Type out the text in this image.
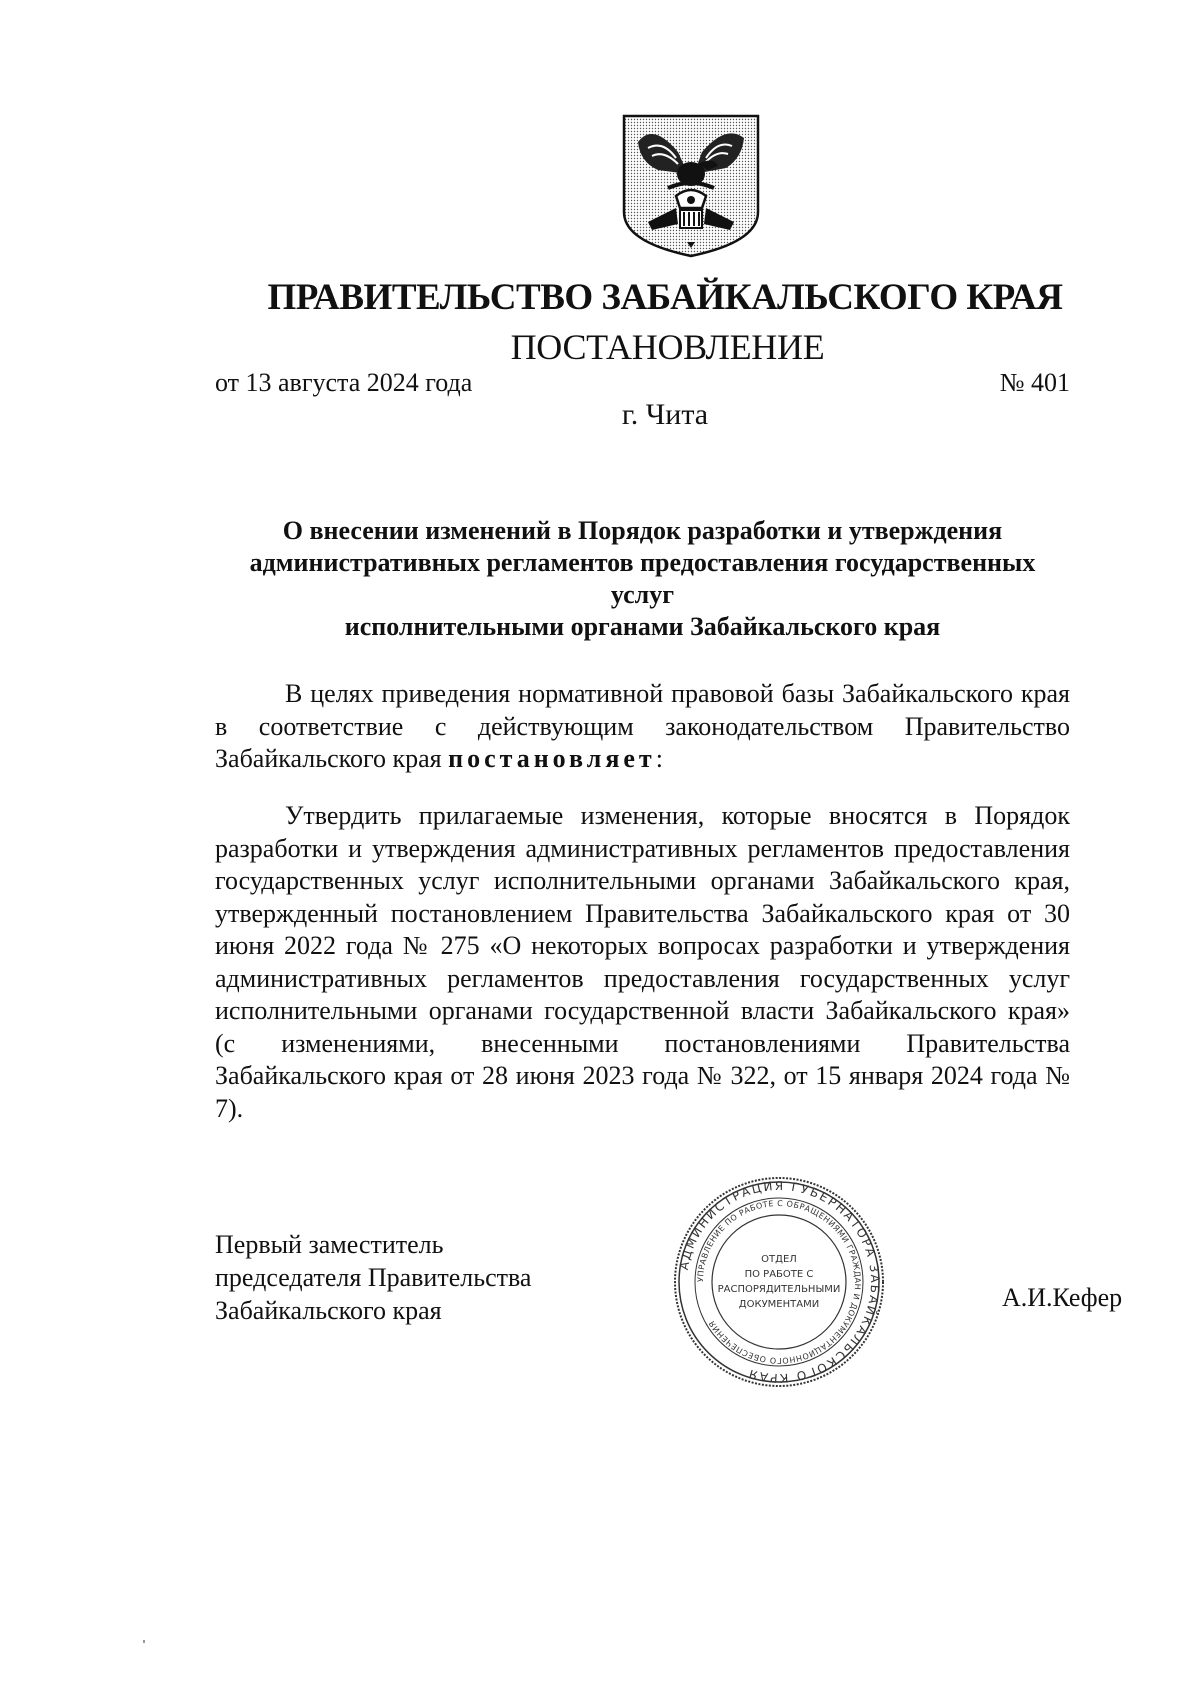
ПРАВИТЕЛЬСТВО ЗАБАЙКАЛЬСКОГО КРАЯ
ПОСТАНОВЛЕНИЕ
от 13 августа 2024 года	№ 401
г. Чита
О внесении изменений в Порядок разработки и утверждения
административных регламентов предоставления государственных услуг
исполнительными органами Забайкальского края
В целях приведения нормативной правовой базы Забайкальского края в соответствие с действующим законодательством Правительство Забайкальского края постановляет:
Утвердить прилагаемые изменения, которые вносятся в Порядок разработки и утверждения административных регламентов предоставления государственных услуг исполнительными органами Забайкальского края, утвержденный постановлением Правительства Забайкальского края от 30 июня 2022 года № 275 «О некоторых вопросах разработки и утверждения административных регламентов предоставления государственных услуг исполнительными органами государственной власти Забайкальского края» (с изменениями, внесенными постановлениями Правительства Забайкальского края от 28 июня 2023 года № 322, от 15 января 2024 года № 7).
Первый заместитель
председателя Правительства
Забайкальского края
АДМИНИСТРАЦИЯ ГУБЕРНАТОРА ЗАБАЙКАЛЬСКОГО КРАЯ
УПРАВЛЕНИЕ ПО РАБОТЕ С ОБРАЩЕНИЯМИ ГРАЖДАН И ДОКУМЕНТАЦИОННОГО ОБЕСПЕЧЕНИЯ
ОТДЕЛ
ПО РАБОТЕ С
РАСПОРЯДИТЕЛЬНЫМИ
ДОКУМЕНТАМИ	А.И.Кефер
